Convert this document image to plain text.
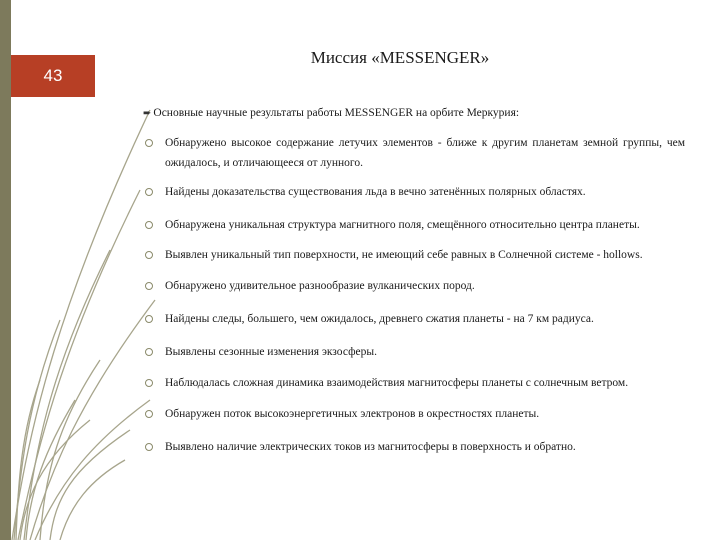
43
Миссия «MESSENGER»
➨ Основные научные результаты работы MESSENGER на орбите Меркурия:
Обнаружено высокое содержание летучих элементов - ближе к другим планетам земной группы, чем ожидалось, и отличающееся от лунного.
Найдены доказательства существования льда в вечно затенённых полярных областях.
Обнаружена уникальная структура магнитного поля, смещённого относительно центра планеты.
Выявлен уникальный тип поверхности, не имеющий себе равных в Солнечной системе - hollows.
Обнаружено удивительное разнообразие вулканических пород.
Найдены следы, большего, чем ожидалось, древнего сжатия планеты - на 7 км радиуса.
Выявлены сезонные изменения экзосферы.
Наблюдалась сложная динамика взаимодействия магнитосферы планеты с солнечным ветром.
Обнаружен поток высокоэнергетичных электронов в окрестностях планеты.
Выявлено наличие электрических токов из магнитосферы в поверхность и обратно.
